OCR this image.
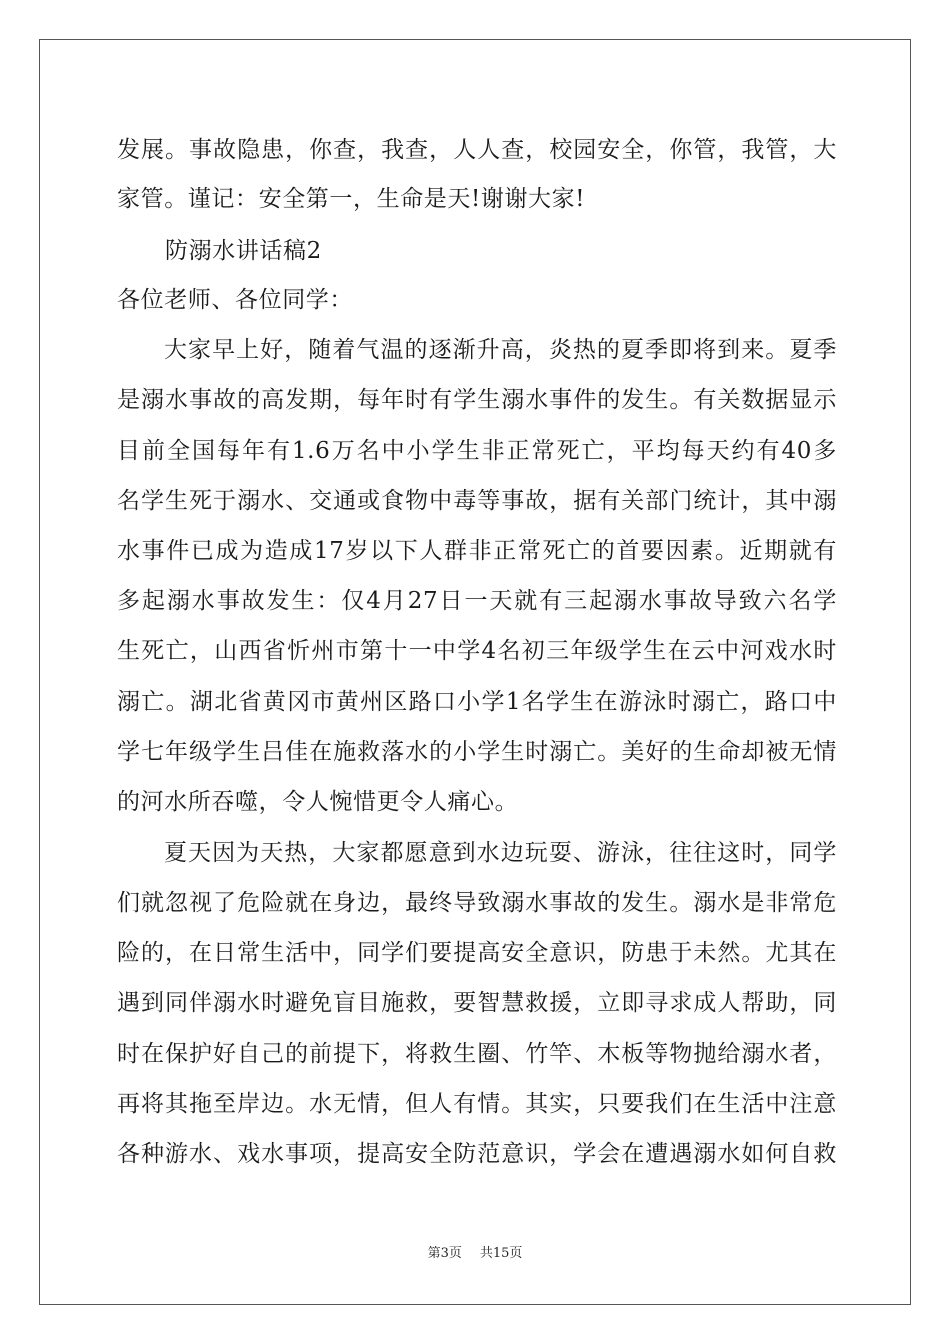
发展。事故隐患，你查，我查，人人查，校园安全，你管，我管，大
家管。谨记：安全第一，生命是天!谢谢大家!
防溺水讲话稿2
各位老师、各位同学：
大家早上好，随着气温的逐渐升高，炎热的夏季即将到来。夏季
是溺水事故的高发期，每年时有学生溺水事件的发生。有关数据显示
目前全国每年有1.6万名中小学生非正常死亡，平均每天约有40多
名学生死于溺水、交通或食物中毒等事故，据有关部门统计，其中溺
水事件已成为造成17岁以下人群非正常死亡的首要因素。近期就有
多起溺水事故发生：仅4月27日一天就有三起溺水事故导致六名学
生死亡，山西省忻州市第十一中学4名初三年级学生在云中河戏水时
溺亡。湖北省黄冈市黄州区路口小学1名学生在游泳时溺亡，路口中
学七年级学生吕佳在施救落水的小学生时溺亡。美好的生命却被无情
的河水所吞噬，令人惋惜更令人痛心。
夏天因为天热，大家都愿意到水边玩耍、游泳，往往这时，同学
们就忽视了危险就在身边，最终导致溺水事故的发生。溺水是非常危
险的，在日常生活中，同学们要提高安全意识，防患于未然。尤其在
遇到同伴溺水时避免盲目施救，要智慧救援，立即寻求成人帮助，同
时在保护好自己的前提下，将救生圈、竹竿、木板等物抛给溺水者，
再将其拖至岸边。水无情，但人有情。其实，只要我们在生活中注意
各种游水、戏水事项，提高安全防范意识，学会在遭遇溺水如何自救
第3页 共15页
